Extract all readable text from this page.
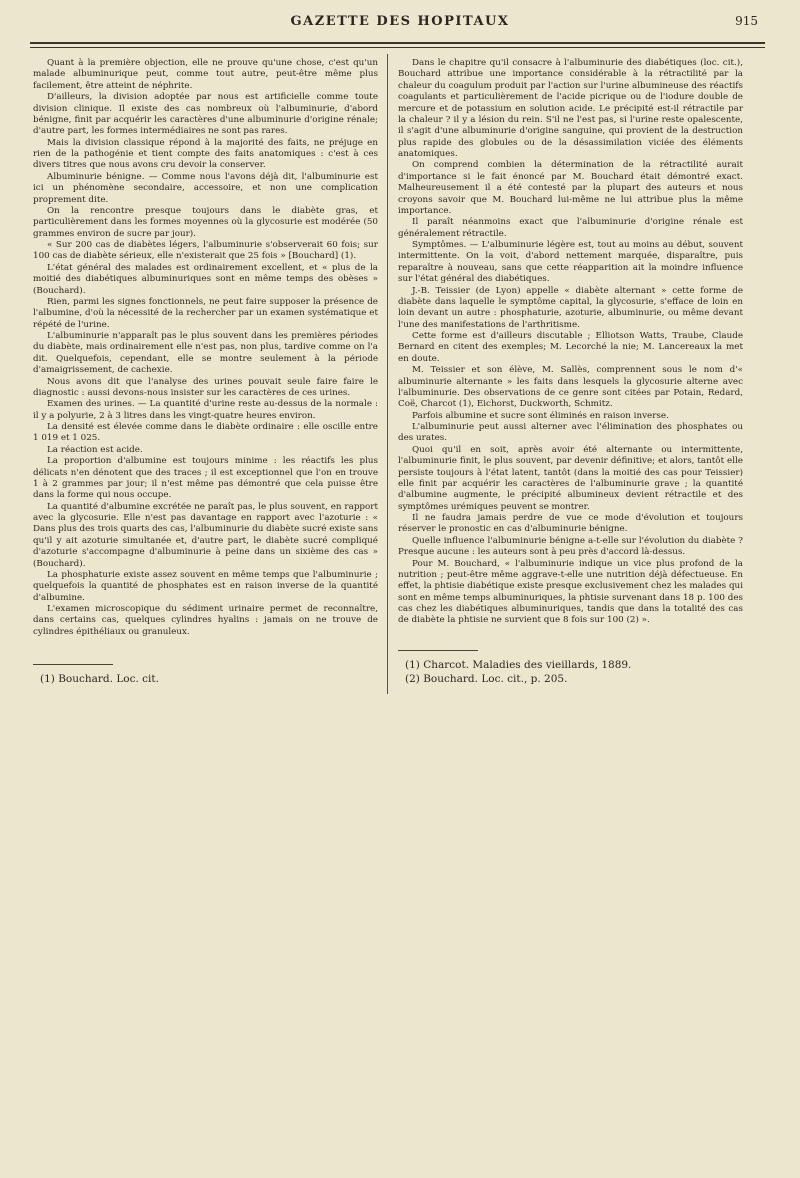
GAZETTE DES HOPITAUX	915

Quant à la première objection, elle ne prouve qu'une chose, c'est qu'un malade albuminurique peut, comme tout autre, peut-être même plus facilement, être atteint de néphrite.

D'ailleurs, la division adoptée par nous est artificielle comme toute division clinique. Il existe des cas nombreux où l'albuminurie, d'abord bénigne, finit par acquérir les caractères d'une albuminurie d'origine rénale; d'autre part, les formes intermédiaires ne sont pas rares.

Mais la division classique répond à la majorité des faits, ne préjuge en rien de la pathogénie et tient compte des faits anatomiques : c'est à ces divers titres que nous avons cru devoir la conserver.

Albuminurie bénigne. — Comme nous l'avons déjà dit, l'albuminurie est ici un phénomène secondaire, accessoire, et non une complication proprement dite.

On la rencontre presque toujours dans le diabète gras, et particulièrement dans les formes moyennes où la glycosurie est modérée (50 grammes environ de sucre par jour).

« Sur 200 cas de diabètes légers, l'albuminurie s'observerait 60 fois; sur 100 cas de diabète sérieux, elle n'existerait que 25 fois » [Bouchard] (1).

L'état général des malades est ordinairement excellent, et « plus de la moitié des diabétiques albuminuriques sont en même temps des obèses » (Bouchard).

Rien, parmi les signes fonctionnels, ne peut faire supposer la présence de l'albumine, d'où la nécessité de la rechercher par un examen systématique et répété de l'urine.

L'albuminurie n'apparaît pas le plus souvent dans les premières périodes du diabète, mais ordinairement elle n'est pas, non plus, tardive comme on l'a dit. Quelquefois, cependant, elle se montre seulement à la période d'amaigrissement, de cachexie.

Nous avons dit que l'analyse des urines pouvait seule faire faire le diagnostic : aussi devons-nous insister sur les caractères de ces urines.

Examen des urines. — La quantité d'urine reste au-dessus de la normale : il y a polyurie, 2 à 3 litres dans les vingt-quatre heures environ.

La densité est élevée comme dans le diabète ordinaire : elle oscille entre 1 019 et 1 025.

La réaction est acide.

La proportion d'albumine est toujours minime : les réactifs les plus délicats n'en dénotent que des traces ; il est exceptionnel que l'on en trouve 1 à 2 grammes par jour; il n'est même pas démontré que cela puisse être dans la forme qui nous occupe.

La quantité d'albumine excrétée ne paraît pas, le plus souvent, en rapport avec la glycosurie. Elle n'est pas davantage en rapport avec l'azoturie : « Dans plus des trois quarts des cas, l'albuminurie du diabète sucré existe sans qu'il y ait azoturie simultanée et, d'autre part, le diabète sucré compliqué d'azoturie s'accompagne d'albuminurie à peine dans un sixième des cas » (Bouchard).

La phosphaturie existe assez souvent en même temps que l'albuminurie ; quelquefois la quantité de phosphates est en raison inverse de la quantité d'albumine.

L'examen microscopique du sédiment urinaire permet de reconnaître, dans certains cas, quelques cylindres hyalins : jamais on ne trouve de cylindres épithéliaux ou granuleux.

Dans le chapitre qu'il consacre à l'albuminurie des diabétiques (loc. cit.), Bouchard attribue une importance considérable à la rétractilité par la chaleur du coagulum produit par l'action sur l'urine albumineuse des réactifs coagulants et particulièrement de l'acide picrique ou de l'iodure double de mercure et de potassium en solution acide. Le précipité est-il rétractile par la chaleur ? il y a lésion du rein. S'il ne l'est pas, si l'urine reste opalescente, il s'agit d'une albuminurie d'origine sanguine, qui provient de la destruction plus rapide des globules ou de la désassimilation viciée des éléments anatomiques.

On comprend combien la détermination de la rétractilité aurait d'importance si le fait énoncé par M. Bouchard était démontré exact. Malheureusement il a été contesté par la plupart des auteurs et nous croyons savoir que M. Bouchard lui-même ne lui attribue plus la même importance.

Il paraît néanmoins exact que l'albuminurie d'origine rénale est généralement rétractile.

Symptômes. — L'albuminurie légère est, tout au moins au début, souvent intermittente. On la voit, d'abord nettement marquée, disparaître, puis reparaître à nouveau, sans que cette réapparition ait la moindre influence sur l'état général des diabétiques.

J.-B. Teissier (de Lyon) appelle « diabète alternant » cette forme de diabète dans laquelle le symptôme capital, la glycosurie, s'efface de loin en loin devant un autre : phosphaturie, azoturie, albuminurie, ou même devant l'une des manifestations de l'arthritisme.

Cette forme est d'ailleurs discutable ; Elliotson Watts, Traube, Claude Bernard en citent des exemples; M. Lecorché la nie; M. Lancereaux la met en doute.

M. Teissier et son élève, M. Sallès, comprennent sous le nom d'« albuminurie alternante » les faits dans lesquels la glycosurie alterne avec l'albuminurie. Des observations de ce genre sont citées par Potain, Redard, Coë, Charcot (1), Eichorst, Duckworth, Schmitz.

Parfois albumine et sucre sont éliminés en raison inverse.

L'albuminurie peut aussi alterner avec l'élimination des phosphates ou des urates.

Quoi qu'il en soit, après avoir été alternante ou intermittente, l'albuminurie finit, le plus souvent, par devenir définitive; et alors, tantôt elle persiste toujours à l'état latent, tantôt (dans la moitié des cas pour Teissier) elle finit par acquérir les caractères de l'albuminurie grave ; la quantité d'albumine augmente, le précipité albumineux devient rétractile et des symptômes urémiques peuvent se montrer.

Il ne faudra jamais perdre de vue ce mode d'évolution et toujours réserver le pronostic en cas d'albuminurie bénigne.

Quelle influence l'albuminurie bénigne a-t-elle sur l'évolution du diabète ? Presque aucune : les auteurs sont à peu près d'accord là-dessus.

Pour M. Bouchard, « l'albuminurie indique un vice plus profond de la nutrition ; peut-être même aggrave-t-elle une nutrition déjà défectueuse. En effet, la phtisie diabétique existe presque exclusivement chez les malades qui sont en même temps albuminuriques, la phtisie survenant dans 18 p. 100 des cas chez les diabétiques albuminuriques, tandis que dans la totalité des cas de diabète la phtisie ne survient que 8 fois sur 100 (2) ».

(1) Bouchard. Loc. cit.
(1) Charcot. Maladies des vieillards, 1889.
(2) Bouchard. Loc. cit., p. 205.
